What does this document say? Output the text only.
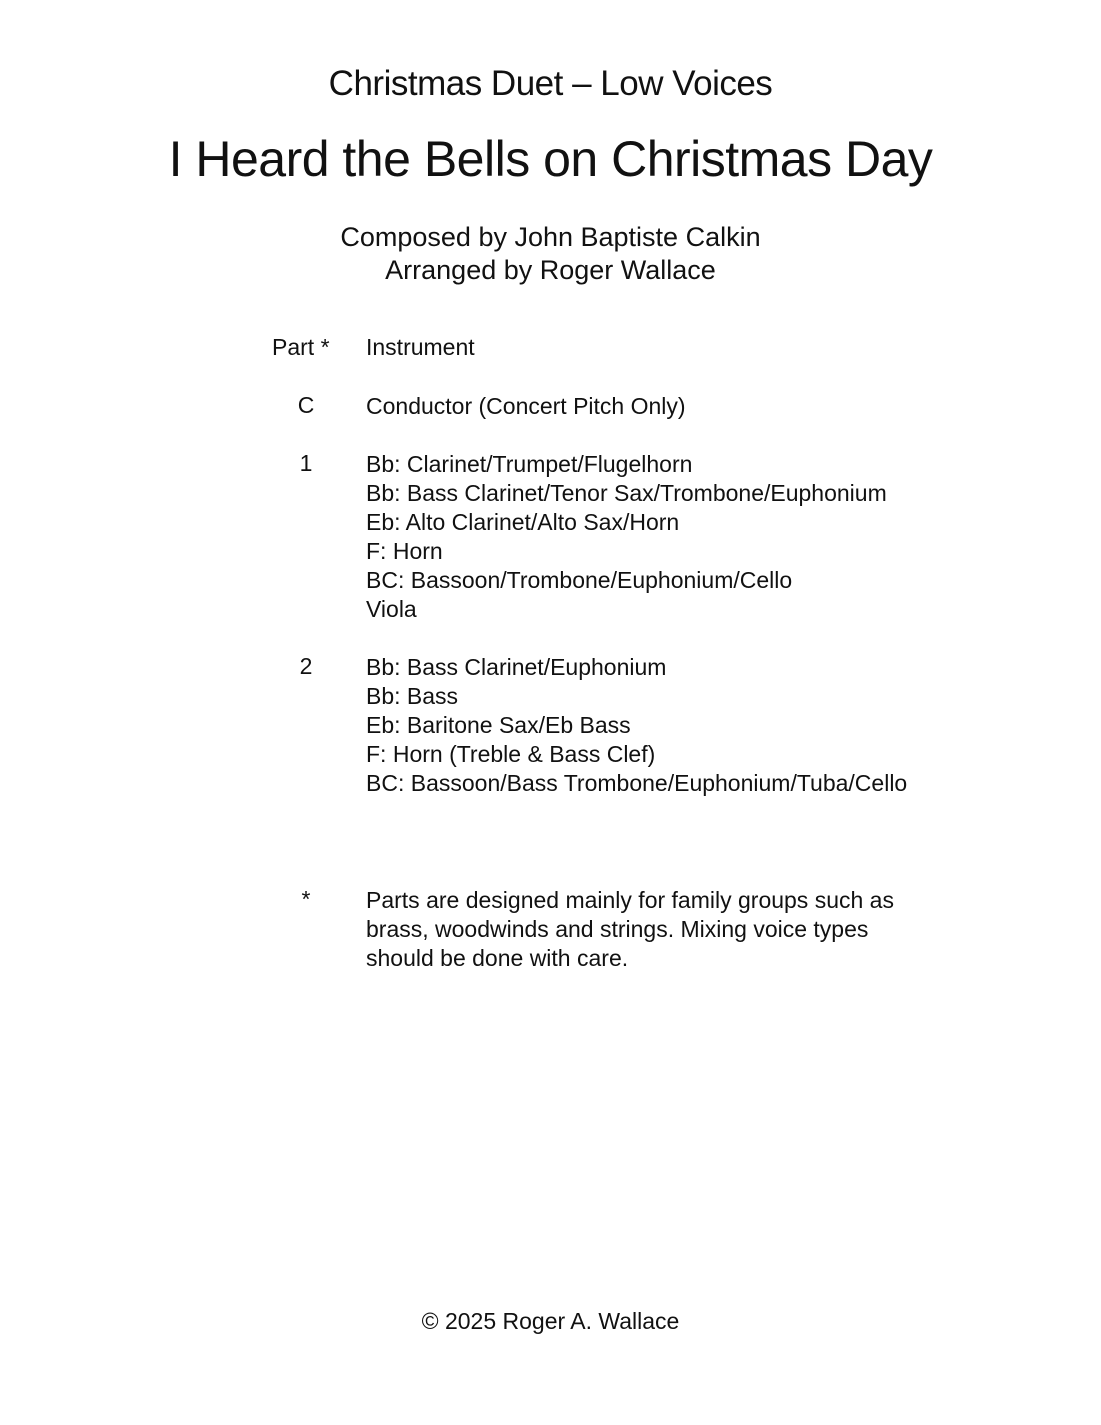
Christmas Duet – Low Voices
I Heard the Bells on Christmas Day
Composed by John Baptiste Calkin
Arranged by Roger Wallace
Part * Instrument
C	Conductor (Concert Pitch Only)
1	Bb: Clarinet/Trumpet/Flugelhorn
Bb: Bass Clarinet/Tenor Sax/Trombone/Euphonium
Eb: Alto Clarinet/Alto Sax/Horn
F: Horn
BC: Bassoon/Trombone/Euphonium/Cello
Viola
2	Bb: Bass Clarinet/Euphonium
Bb: Bass
Eb: Baritone Sax/Eb Bass
F: Horn (Treble & Bass Clef)
BC: Bassoon/Bass Trombone/Euphonium/Tuba/Cello
*	Parts are designed mainly for family groups such as
brass, woodwinds and strings. Mixing voice types
should be done with care.
© 2025 Roger A. Wallace
